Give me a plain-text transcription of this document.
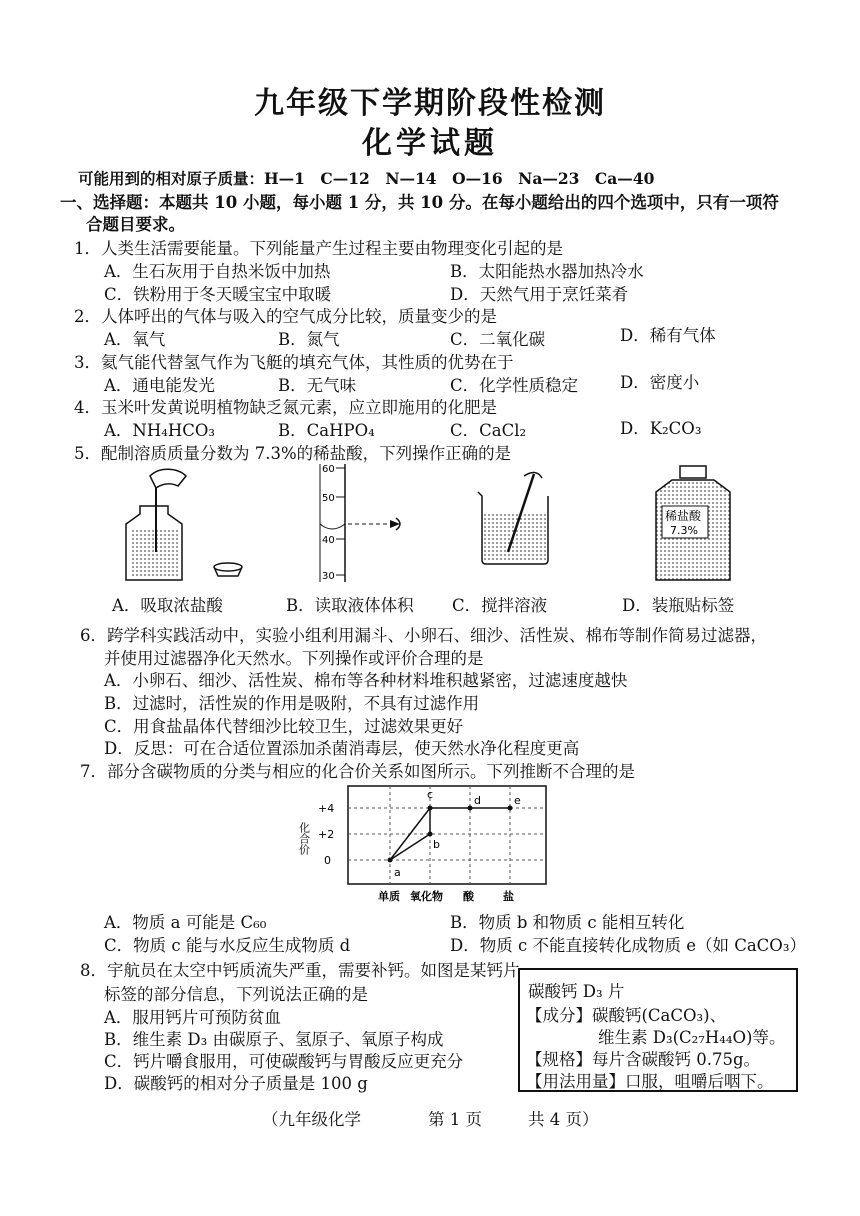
九年级下学期阶段性检测
化学试题
可能用到的相对原子质量：H—1　C—12　N—14　O—16　Na—23　Ca—40
一、选择题：本题共 10 小题，每小题 1 分，共 10 分。在每小题给出的四个选项中，只有一项符
合题目要求。
1．人类生活需要能量。下列能量产生过程主要由物理变化引起的是
A．生石灰用于自热米饭中加热	B．太阳能热水器加热冷水
C．铁粉用于冬天暖宝宝中取暖	D．天然气用于烹饪菜肴
2．人体呼出的气体与吸入的空气成分比较，质量变少的是
A．氧气	B．氮气	C．二氧化碳	D．稀有气体
3．氦气能代替氢气作为飞艇的填充气体，其性质的优势在于
A．通电能发光	B．无气味	C．化学性质稳定	D．密度小
4．玉米叶发黄说明植物缺乏氮元素，应立即施用的化肥是
A．NH₄HCO₃	B．CaHPO₄	C．CaCl₂	D．K₂CO₃
5．配制溶质质量分数为 7.3%的稀盐酸，下列操作正确的是
60
50
40
30
稀盐酸
7.3%
A．吸取浓盐酸	B．读取液体体积 C．搅拌溶液	D．装瓶贴标签
6．跨学科实践活动中，实验小组利用漏斗、小卵石、细沙、活性炭、棉布等制作简易过滤器，
并使用过滤器净化天然水。下列操作或评价合理的是
A．小卵石、细沙、活性炭、棉布等各种材料堆积越紧密，过滤速度越快
B．过滤时，活性炭的作用是吸附，不具有过滤作用
C．用食盐晶体代替细沙比较卫生，过滤效果更好
D．反思：可在合适位置添加杀菌消毒层，使天然水净化程度更高
7．部分含碳物质的分类与相应的化合价关系如图所示。下列推断不合理的是
+4
+2
0
化合价
a
b
c	d	e
单质 氧化物 酸	盐
A．物质 a 可能是 C₆₀	B．物质 b 和物质 c 能相互转化
C．物质 c 能与水反应生成物质 d	D．物质 c 不能直接转化成物质 e（如 CaCO₃）
8．宇航员在太空中钙质流失严重，需要补钙。如图是某钙片
标签的部分信息，下列说法正确的是
A．服用钙片可预防贫血
B．维生素 D₃ 由碳原子、氢原子、氧原子构成
C．钙片嚼食服用，可使碳酸钙与胃酸反应更充分
D．碳酸钙的相对分子质量是 100 g
碳酸钙 D₃ 片
【成分】碳酸钙(CaCO₃)、
维生素 D₃(C₂₇H₄₄O)等。
【规格】每片含碳酸钙 0.75g。
【用法用量】口服，咀嚼后咽下。
（九年级化学	第 1 页	共 4 页）
